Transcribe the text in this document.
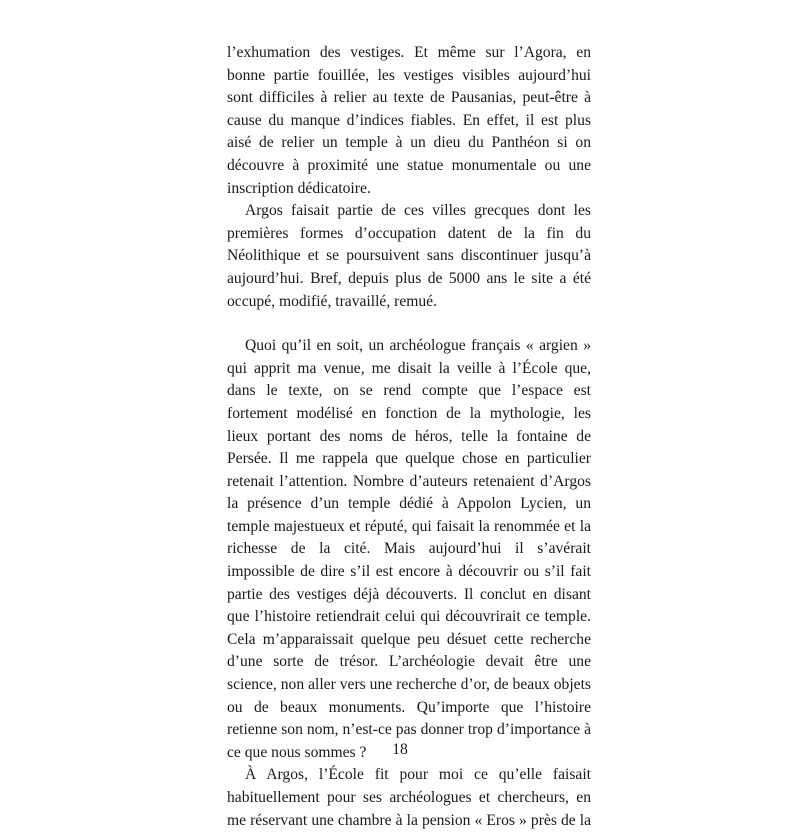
l’exhumation des vestiges. Et même sur l’Agora, en bonne partie fouillée, les vestiges visibles aujourd’hui sont difficiles à relier au texte de Pausanias, peut-être à cause du manque d’indices fiables. En effet, il est plus aisé de relier un temple à un dieu du Panthéon si on découvre à proximité une statue monumentale ou une inscription dédicatoire.

Argos faisait partie de ces villes grecques dont les premières formes d’occupation datent de la fin du Néolithique et se poursuivent sans discontinuer jusqu’à aujourd’hui. Bref, depuis plus de 5000 ans le site a été occupé, modifié, travaillé, remué.

Quoi qu’il en soit, un archéologue français « argien » qui apprit ma venue, me disait la veille à l’École que, dans le texte, on se rend compte que l’espace est fortement modélisé en fonction de la mythologie, les lieux portant des noms de héros, telle la fontaine de Persée. Il me rappela que quelque chose en particulier retenait l’attention. Nombre d’auteurs retenaient d’Argos la présence d’un temple dédié à Appolon Lycien, un temple majestueux et réputé, qui faisait la renommée et la richesse de la cité. Mais aujourd’hui il s’avérait impossible de dire s’il est encore à découvrir ou s’il fait partie des vestiges déjà découverts. Il conclut en disant que l’histoire retiendrait celui qui découvrirait ce temple. Cela m’apparaissait quelque peu désuet cette recherche d’une sorte de trésor. L’archéologie devait être une science, non aller vers une recherche d’or, de beaux objets ou de beaux monuments. Qu’importe que l’histoire retienne son nom, n’est-ce pas donner trop d’importance à ce que nous sommes ?

À Argos, l’École fit pour moi ce qu’elle faisait habituellement pour ses archéologues et chercheurs, en me réservant une chambre à la pension « Eros » près de la

18
